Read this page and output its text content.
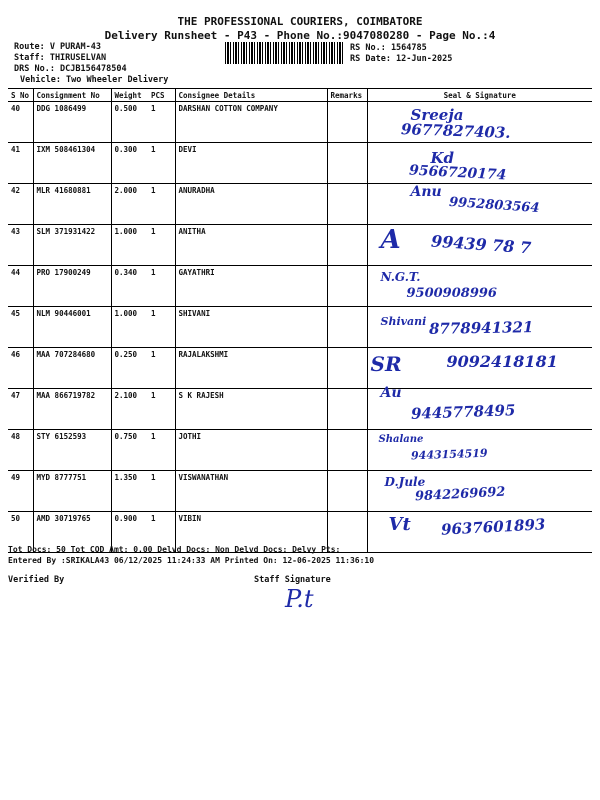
THE PROFESSIONAL COURIERS, COIMBATORE
Delivery Runsheet - P43 - Phone No.:9047080280 - Page No.:4
Route: V PURAM-43
Staff: THIRUSELVAN
DRS No.: DCJB156478504
Vehicle: Two Wheeler Delivery
RS No.: 1564785
RS Date: 12-Jun-2025
S No	Consignment No	Weight	PCS	Consignee Details	Remarks	Seal & Signature
40	DDG 1086499	0.500	1	DARSHAN COTTON COMPANY		Sreeja
9677827403.

41	IXM 508461304	0.300	1	DEVI		Kd
9566720174

42	MLR 41680881	2.000	1	ANURADHA		Anu
9952803564

43	SLM 371931422	1.000	1	ANITHA		A 99439 78 7

44	PRO 17900249	0.340	1	GAYATHRI		N.G.T.
9500908996

45	NLM 90446001	1.000	1	SHIVANI		Shivani 8778941321

46	MAA 707284680	0.250	1	RAJALAKSHMI		SR 9092418181

47	MAA 866719782	2.100	1	S K RAJESH		Au
9445778495

48	STY 6152593	0.750	1	JOTHI		Shalane
9443154519

49	MYD 8777751	1.350	1	VISWANATHAN		D.Jule
9842269692

50	AMD 30719765	0.900	1	VIBIN		Vt 9637601893
Tot Docs: 50 Tot COD Amt: 0.00 Delvd Docs: Non Delvd Docs: Delvy Pts:
Entered By :SRIKALA43 06/12/2025 11:24:33 AM Printed On: 12-06-2025 11:36:10
Verified By	Staff Signature
P.t
